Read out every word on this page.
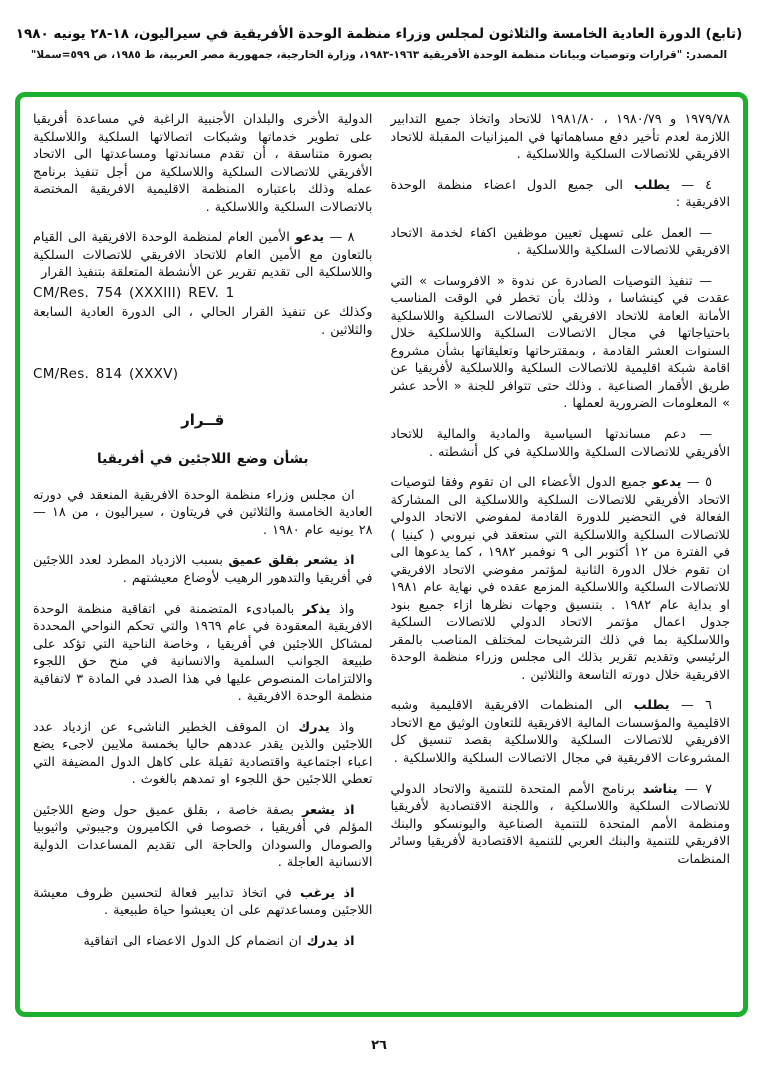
(تابع) الدورة العادية الخامسة والثلاثون لمجلس وزراء منظمة الوحدة الأفريقية في سيراليون، ١٨-٢٨ يونيه ١٩٨٠
المصدر: "قرارات وتوصيات وبيانات منظمة الوحدة الأفريقية ١٩٦٣-١٩٨٣، وزارة الخارجية، جمهورية مصر العربية، ط ١٩٨٥، ص ٥٩٩=سملا"

١٩٧٩/٧٨ و ١٩٨٠/٧٩ ، ١٩٨١/٨٠ للاتحاد واتخاذ جميع التدابير اللازمة لعدم تأخير دفع مساهماتها في الميزانيات المقبلة للاتحاد الافريقي للاتصالات السلكية واللاسلكية .

٤ — يطلب الى جميع الدول اعضاء منظمة الوحدة الافريقية :

— العمل على تسهيل تعيين موظفين اكفاء لخدمة الاتحاد الافريقي للاتصالات السلكية واللاسلكية .

— تنفيذ التوصيات الصادرة عن ندوة « الافروسات » التي عقدت في كينشاسا ، وذلك بأن تخطر في الوقت المناسب الأمانة العامة للاتحاد الافريقي للاتصالات السلكية واللاسلكية باحتياجاتها في مجال الاتصالات السلكية واللاسلكية خلال السنوات العشر القادمة ، وبمقترحاتها وتعليقاتها بشأن مشروع اقامة شبكة اقليمية للاتصالات السلكية واللاسلكية لأفريقيا عن طريق الأقمار الصناعية . وذلك حتى تتوافر للجنة « الأحد عشر » المعلومات الضرورية لعملها .

— دعم مساندتها السياسية والمادية والمالية للاتحاد الأفريقي للاتصالات السلكية واللاسلكية في كل أنشطته .

٥ — يدعو جميع الدول الأعضاء الى ان تقوم وفقا لتوصيات الاتحاد الأفريقي للاتصالات السلكية واللاسلكية الى المشاركة الفعالة في التحضير للدورة القادمة لمفوضي الاتحاد الدولي للاتصالات السلكية واللاسلكية التي ستعقد في نيروبي ( كينيا ) في الفترة من ١٢ أكتوبر الى ٩ نوفمبر ١٩٨٢ ، كما يدعوها الى ان تقوم خلال الدورة الثانية لمؤتمر مفوضي الاتحاد الافريقي للاتصالات السلكية واللاسلكية المزمع عقده في نهاية عام ١٩٨١ او بداية عام ١٩٨٢ . بتنسيق وجهات نظرها ازاء جميع بنود جدول اعمال مؤتمر الاتحاد الدولي للاتصالات السلكية واللاسلكية بما في ذلك الترشيحات لمختلف المناصب بالمقر الرئيسي وتقديم تقرير بذلك الى مجلس وزراء منظمة الوحدة الافريقية خلال دورته التاسعة والثلاثين .

٦ — يطلب الى المنظمات الافريقية الاقليمية وشبه الاقليمية والمؤسسات المالية الافريقية للتعاون الوثيق مع الاتحاد الافريقي للاتصالات السلكية واللاسلكية بقصد تنسيق كل المشروعات الافريقية في مجال الاتصالات السلكية واللاسلكية .

٧ — يناشد برنامج الأمم المتحدة للتنمية والاتحاد الدولي للاتصالات السلكية واللاسلكية ، واللجنة الاقتصادية لأفريقيا ومنظمة الأمم المتحدة للتنمية الصناعية واليونسكو والبنك الافريقي للتنمية والبنك العربي للتنمية الاقتصادية لأفريقيا وسائر المنظمات

الدولية الأخرى والبلدان الأجنبية الراغبة في مساعدة أفريقيا على تطوير خدماتها وشبكات اتصالاتها السلكية واللاسلكية بصورة متناسقة ، أن تقدم مساندتها ومساعدتها الى الاتحاد الأفريقي للاتصالات السلكية واللاسلكية من أجل تنفيذ برنامج عمله وذلك باعتباره المنظمة الاقليمية الافريقية المختصة بالاتصالات السلكية واللاسلكية .

٨ — يدعو الأمين العام لمنظمة الوحدة الافريقية الى القيام بالتعاون مع الأمين العام للاتحاد الافريقي للاتصالات السلكية واللاسلكية الى تقديم تقرير عن الأنشطة المتعلقة بتنفيذ القرار

CM/Res. 754 (XXXIII) REV. 1

وكذلك عن تنفيذ القرار الحالي ، الى الدورة العادية السابعة والثلاثين .

CM/Res. 814 (XXXV)

قــرار

بشأن وضع اللاجئين في أفريقيا

ان مجلس وزراء منظمة الوحدة الافريقية المنعقد في دورته العادية الخامسة والثلاثين في فريتاون ، سيراليون ، من ١٨ — ٢٨ يونيه عام ١٩٨٠ .

اذ يشعر بقلق عميق بسبب الازدياد المطرد لعدد اللاجئين في أفريقيا والتدهور الرهيب لأوضاع معيشتهم .

واذ يذكر بالمبادىء المتضمنة في اتفاقية منظمة الوحدة الافريقية المعقودة في عام ١٩٦٩ والتي تحكم النواحي المحددة لمشاكل اللاجئين في أفريقيا ، وخاصة الناحية التي تؤكد على طبيعة الجوانب السلمية والانسانية في منح حق اللجوء والالتزامات المنصوص عليها في هذا الصدد في المادة ٣ لاتفاقية منظمة الوحدة الافريقية .

واذ يدرك ان الموقف الخطير الناشىء عن ازدياد عدد اللاجئين والذين يقدر عددهم حاليا بخمسة ملايين لاجىء يضع اعباء اجتماعية واقتصادية ثقيلة على كاهل الدول المضيفة التي تعطي اللاجئين حق اللجوء او تمدهم بالغوث .

اذ يشعر بصفة خاصة ، بقلق عميق حول وضع اللاجئين المؤلم في أفريقيا ، خصوصا في الكاميرون وجيبوتي واثيوبيا والصومال والسودان والحاجة الى تقديم المساعدات الدولية الانسانية العاجلة .

اذ يرغب في اتخاذ تدابير فعالة لتحسين ظروف معيشة اللاجئين ومساعدتهم على ان يعيشوا حياة طبيعية .

اذ يدرك ان انضمام كل الدول الاعضاء الى اتفاقية

٢٦
